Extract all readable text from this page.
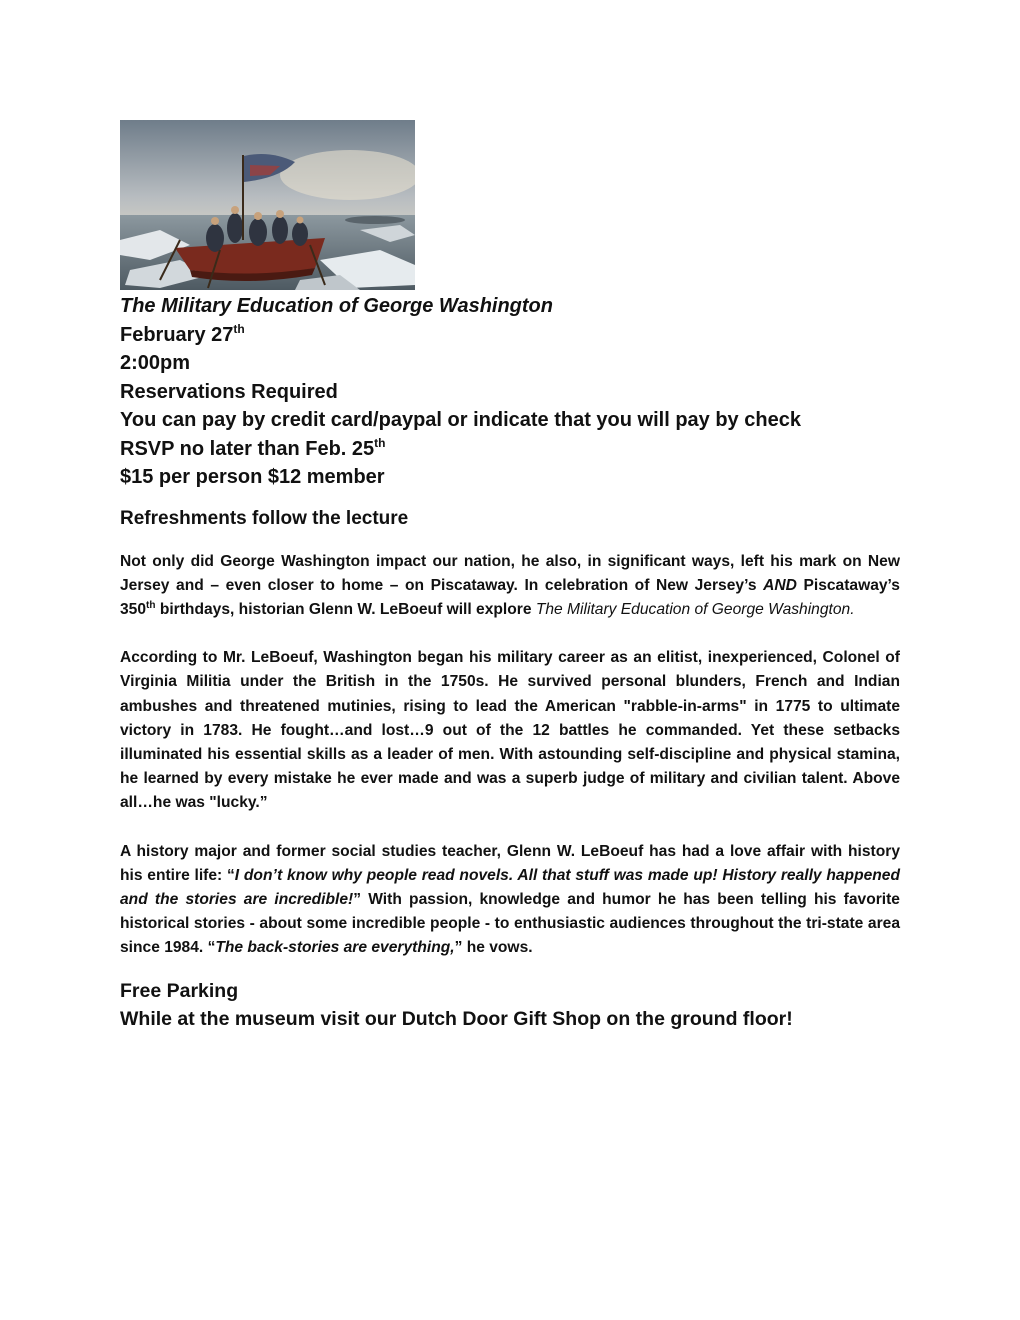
The Military Education of George Washington

February 27th

2:00pm

Reservations Required

You can pay by credit card/paypal or indicate that you will pay by check

RSVP no later than Feb. 25th

$15 per person $12 member

Refreshments follow the lecture

Not only did George Washington impact our nation, he also, in significant ways, left his mark on New Jersey and – even closer to home – on Piscataway. In celebration of New Jersey’s AND Piscataway’s 350th birthdays, historian Glenn W. LeBoeuf will explore The Military Education of George Washington.

According to Mr. LeBoeuf, Washington began his military career as an elitist, inexperienced, Colonel of Virginia Militia under the British in the 1750s. He survived personal blunders, French and Indian ambushes and threatened mutinies, rising to lead the American "rabble-in-arms" in 1775 to ultimate victory in 1783. He fought…and lost…9 out of the 12 battles he commanded. Yet these setbacks illuminated his essential skills as a leader of men. With astounding self-discipline and physical stamina, he learned by every mistake he ever made and was a superb judge of military and civilian talent. Above all…he was "lucky.”

A history major and former social studies teacher, Glenn W. LeBoeuf has had a love affair with history his entire life: “I don’t know why people read novels. All that stuff was made up! History really happened and the stories are incredible!” With passion, knowledge and humor he has been telling his favorite historical stories - about some incredible people - to enthusiastic audiences throughout the tri-state area since 1984. “The back-stories are everything,” he vows.

Free Parking
While at the museum visit our Dutch Door Gift Shop on the ground floor!
